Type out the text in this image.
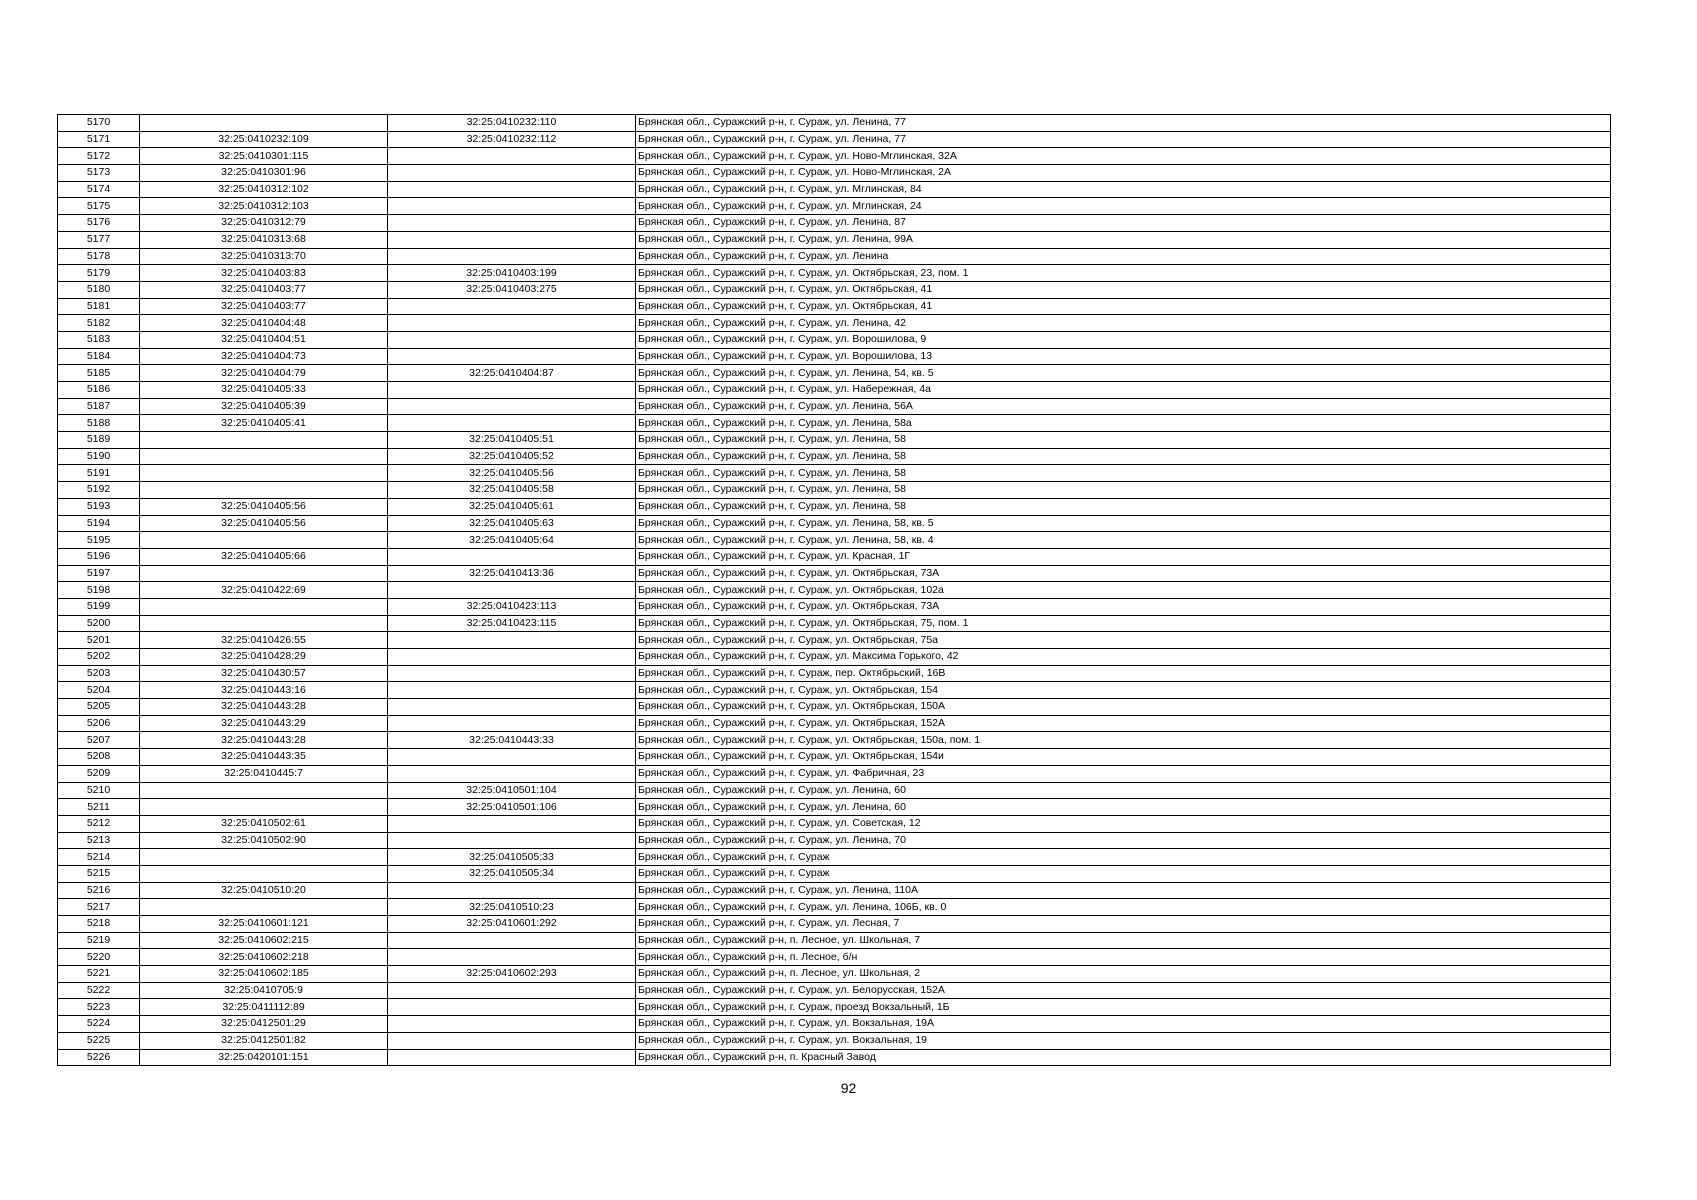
5170		32:25:0410232:110	Брянская обл., Суражский р-н, г. Сураж, ул. Ленина, 77
5171	32:25:0410232:109	32:25:0410232:112	Брянская обл., Суражский р-н, г. Сураж, ул. Ленина, 77
5172	32:25:0410301:115		Брянская обл., Суражский р-н, г. Сураж, ул. Ново-Мглинская, 32А
5173	32:25:0410301:96		Брянская обл., Суражский р-н, г. Сураж, ул. Ново-Мглинская, 2А
5174	32:25:0410312:102		Брянская обл., Суражский р-н, г. Сураж, ул. Мглинская, 84
5175	32:25:0410312:103		Брянская обл., Суражский р-н, г. Сураж, ул. Мглинская, 24
5176	32:25:0410312:79		Брянская обл., Суражский р-н, г. Сураж, ул. Ленина, 87
5177	32:25:0410313:68		Брянская обл., Суражский р-н, г. Сураж, ул. Ленина, 99А
5178	32:25:0410313:70		Брянская обл., Суражский р-н, г. Сураж, ул. Ленина
5179	32:25:0410403:83	32:25:0410403:199	Брянская обл., Суражский р-н, г. Сураж, ул. Октябрьская, 23, пом. 1
5180	32:25:0410403:77	32:25:0410403:275	Брянская обл., Суражский р-н, г. Сураж, ул. Октябрьская, 41
5181	32:25:0410403:77		Брянская обл., Суражский р-н, г. Сураж, ул. Октябрьская, 41
5182	32:25:0410404:48		Брянская обл., Суражский р-н, г. Сураж, ул. Ленина, 42
5183	32:25:0410404:51		Брянская обл., Суражский р-н, г. Сураж, ул. Ворошилова, 9
5184	32:25:0410404:73		Брянская обл., Суражский р-н, г. Сураж, ул. Ворошилова, 13
5185	32:25:0410404:79	32:25:0410404:87	Брянская обл., Суражский р-н, г. Сураж, ул. Ленина, 54, кв. 5
5186	32:25:0410405:33		Брянская обл., Суражский р-н, г. Сураж, ул. Набережная, 4а
5187	32:25:0410405:39		Брянская обл., Суражский р-н, г. Сураж, ул. Ленина, 56А
5188	32:25:0410405:41		Брянская обл., Суражский р-н, г. Сураж, ул. Ленина, 58а
5189		32:25:0410405:51	Брянская обл., Суражский р-н, г. Сураж, ул. Ленина, 58
5190		32:25:0410405:52	Брянская обл., Суражский р-н, г. Сураж, ул. Ленина, 58
5191		32:25:0410405:56	Брянская обл., Суражский р-н, г. Сураж, ул. Ленина, 58
5192		32:25:0410405:58	Брянская обл., Суражский р-н, г. Сураж, ул. Ленина, 58
5193	32:25:0410405:56	32:25:0410405:61	Брянская обл., Суражский р-н, г. Сураж, ул. Ленина, 58
5194	32:25:0410405:56	32:25:0410405:63	Брянская обл., Суражский р-н, г. Сураж, ул. Ленина, 58, кв. 5
5195		32:25:0410405:64	Брянская обл., Суражский р-н, г. Сураж, ул. Ленина, 58, кв. 4
5196	32:25:0410405:66		Брянская обл., Суражский р-н, г. Сураж, ул. Красная, 1Г
5197		32:25:0410413:36	Брянская обл., Суражский р-н, г. Сураж, ул. Октябрьская, 73А
5198	32:25:0410422:69		Брянская обл., Суражский р-н, г. Сураж, ул. Октябрьская, 102а
5199		32:25:0410423:113	Брянская обл., Суражский р-н, г. Сураж, ул. Октябрьская, 73А
5200		32:25:0410423:115	Брянская обл., Суражский р-н, г. Сураж, ул. Октябрьская, 75, пом. 1
5201	32:25:0410426:55		Брянская обл., Суражский р-н, г. Сураж, ул. Октябрьская, 75а
5202	32:25:0410428:29		Брянская обл., Суражский р-н, г. Сураж, ул. Максима Горького, 42
5203	32:25:0410430:57		Брянская обл., Суражский р-н, г. Сураж, пер. Октябрьский, 16В
5204	32:25:0410443:16		Брянская обл., Суражский р-н, г. Сураж, ул. Октябрьская, 154
5205	32:25:0410443:28		Брянская обл., Суражский р-н, г. Сураж, ул. Октябрьская, 150А
5206	32:25:0410443:29		Брянская обл., Суражский р-н, г. Сураж, ул. Октябрьская, 152А
5207	32:25:0410443:28	32:25:0410443:33	Брянская обл., Суражский р-н, г. Сураж, ул. Октябрьская, 150а, пом. 1
5208	32:25:0410443:35		Брянская обл., Суражский р-н, г. Сураж, ул. Октябрьская, 154и
5209	32:25:0410445:7		Брянская обл., Суражский р-н, г. Сураж, ул. Фабричная, 23
5210		32:25:0410501:104	Брянская обл., Суражский р-н, г. Сураж, ул. Ленина, 60
5211		32:25:0410501:106	Брянская обл., Суражский р-н, г. Сураж, ул. Ленина, 60
5212	32:25:0410502:61		Брянская обл., Суражский р-н, г. Сураж, ул. Советская, 12
5213	32:25:0410502:90		Брянская обл., Суражский р-н, г. Сураж, ул. Ленина, 70
5214		32:25:0410505:33	Брянская обл., Суражский р-н, г. Сураж
5215		32:25:0410505:34	Брянская обл., Суражский р-н, г. Сураж
5216	32:25:0410510:20		Брянская обл., Суражский р-н, г. Сураж, ул. Ленина, 110А
5217		32:25:0410510:23	Брянская обл., Суражский р-н, г. Сураж, ул. Ленина, 106Б, кв. 0
5218	32:25:0410601:121	32:25:0410601:292	Брянская обл., Суражский р-н, г. Сураж, ул. Лесная, 7
5219	32:25:0410602:215		Брянская обл., Суражский р-н, п. Лесное, ул. Школьная, 7
5220	32:25:0410602:218		Брянская обл., Суражский р-н, п. Лесное, б/н
5221	32:25:0410602:185	32:25:0410602:293	Брянская обл., Суражский р-н, п. Лесное, ул. Школьная, 2
5222	32:25:0410705:9		Брянская обл., Суражский р-н, г. Сураж, ул. Белорусская, 152А
5223	32:25:0411112:89		Брянская обл., Суражский р-н, г. Сураж, проезд Вокзальный, 1Б
5224	32:25:0412501:29		Брянская обл., Суражский р-н, г. Сураж, ул. Вокзальная, 19А
5225	32:25:0412501:82		Брянская обл., Суражский р-н, г. Сураж, ул. Вокзальная, 19
5226	32:25:0420101:151		Брянская обл., Суражский р-н, п. Красный Завод
92
